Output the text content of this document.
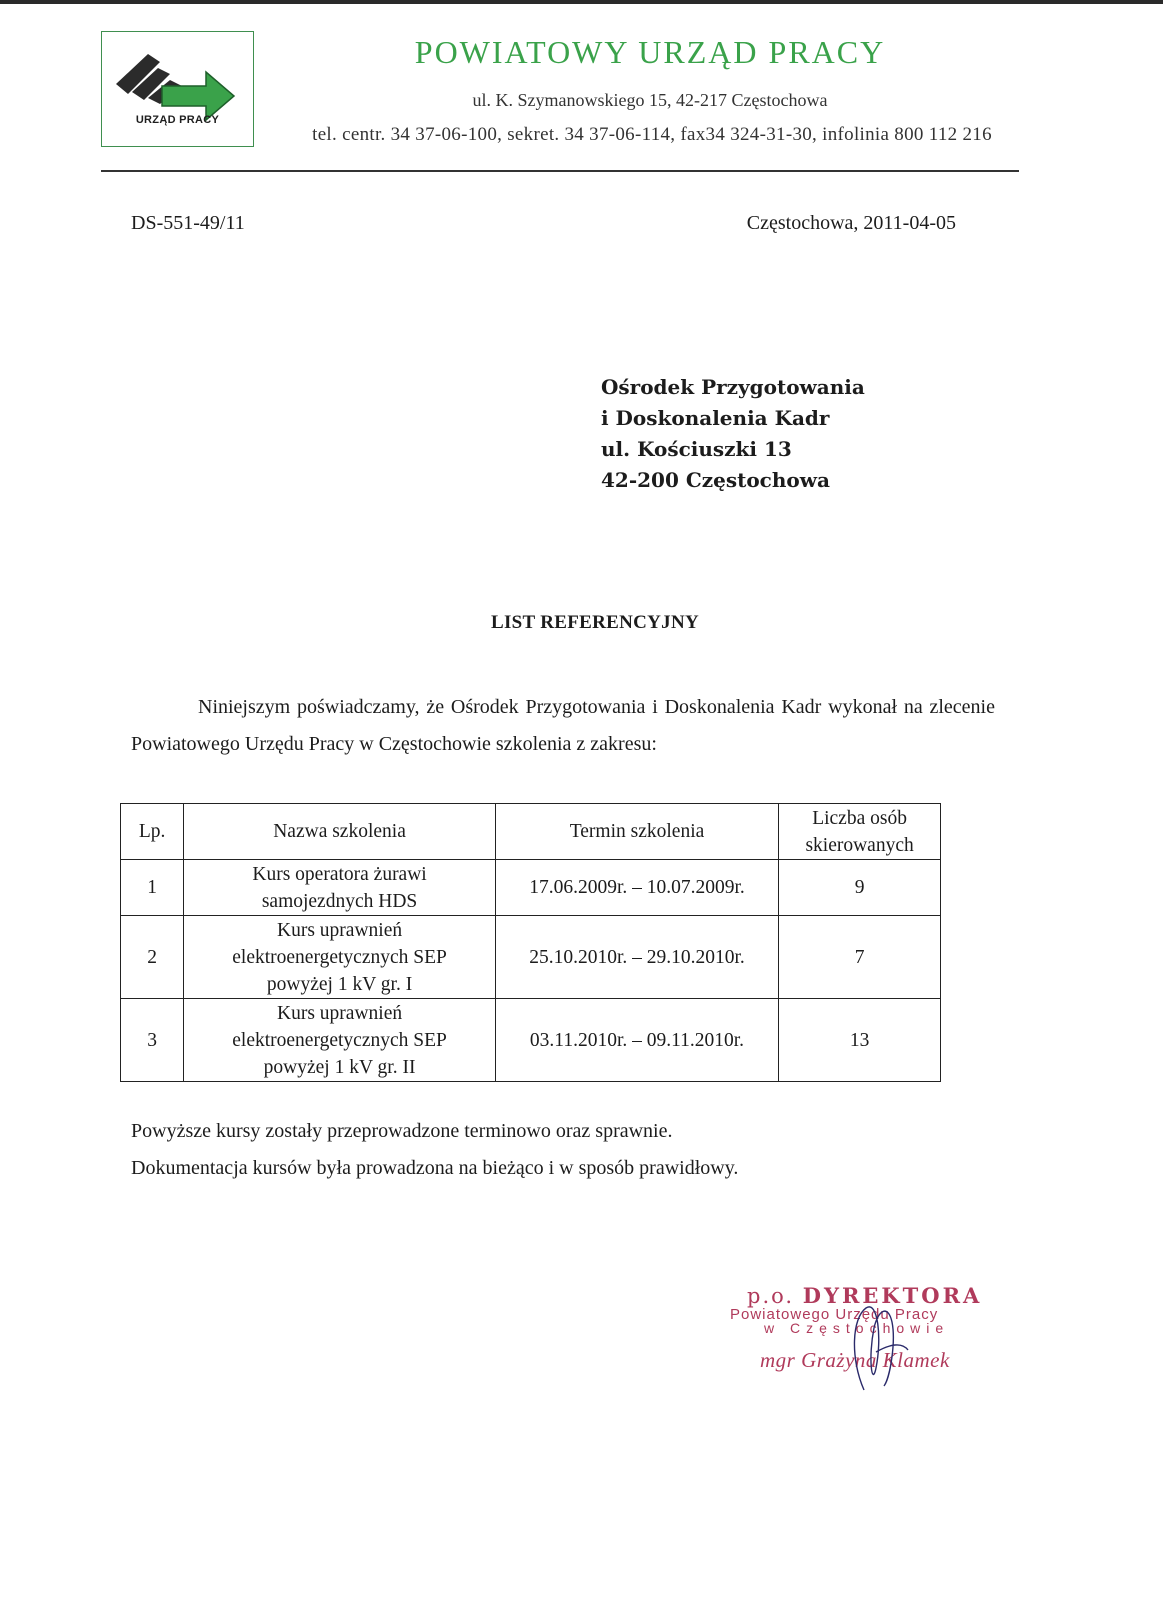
URZĄD PRACY
POWIATOWY URZĄD PRACY
ul. K. Szymanowskiego 15, 42-217 Częstochowa
tel. centr. 34 37-06-100, sekret. 34 37-06-114, fax34 324-31-30, infolinia 800 112 216
DS-551-49/11	Częstochowa, 2011-04-05
Ośrodek Przygotowania
i Doskonalenia Kadr
ul. Kościuszki 13
42-200 Częstochowa
LIST REFERENCYJNY
Niniejszym poświadczamy, że Ośrodek Przygotowania i Doskonalenia Kadr wykonał na zlecenie Powiatowego Urzędu Pracy w Częstochowie szkolenia z zakresu:
Lp.	Nazwa szkolenia	Termin szkolenia	Liczba osób
skierowanych

1	Kurs operatora żurawi
samojezdnych HDS	17.06.2009r. – 10.07.2009r.	9
2	Kurs uprawnień
elektroenergetycznych SEP
powyżej 1 kV gr. I	25.10.2010r. – 29.10.2010r.	7
3	Kurs uprawnień
elektroenergetycznych SEP
powyżej 1 kV gr. II	03.11.2010r. – 09.11.2010r.	13
Powyższe kursy zostały przeprowadzone terminowo oraz sprawnie.
Dokumentacja kursów była prowadzona na bieżąco i w sposób prawidłowy.
p.o. DYREKTORA
Powiatowego Urzędu Pracy
w Częstochowie
mgr Grażyna Klamek
